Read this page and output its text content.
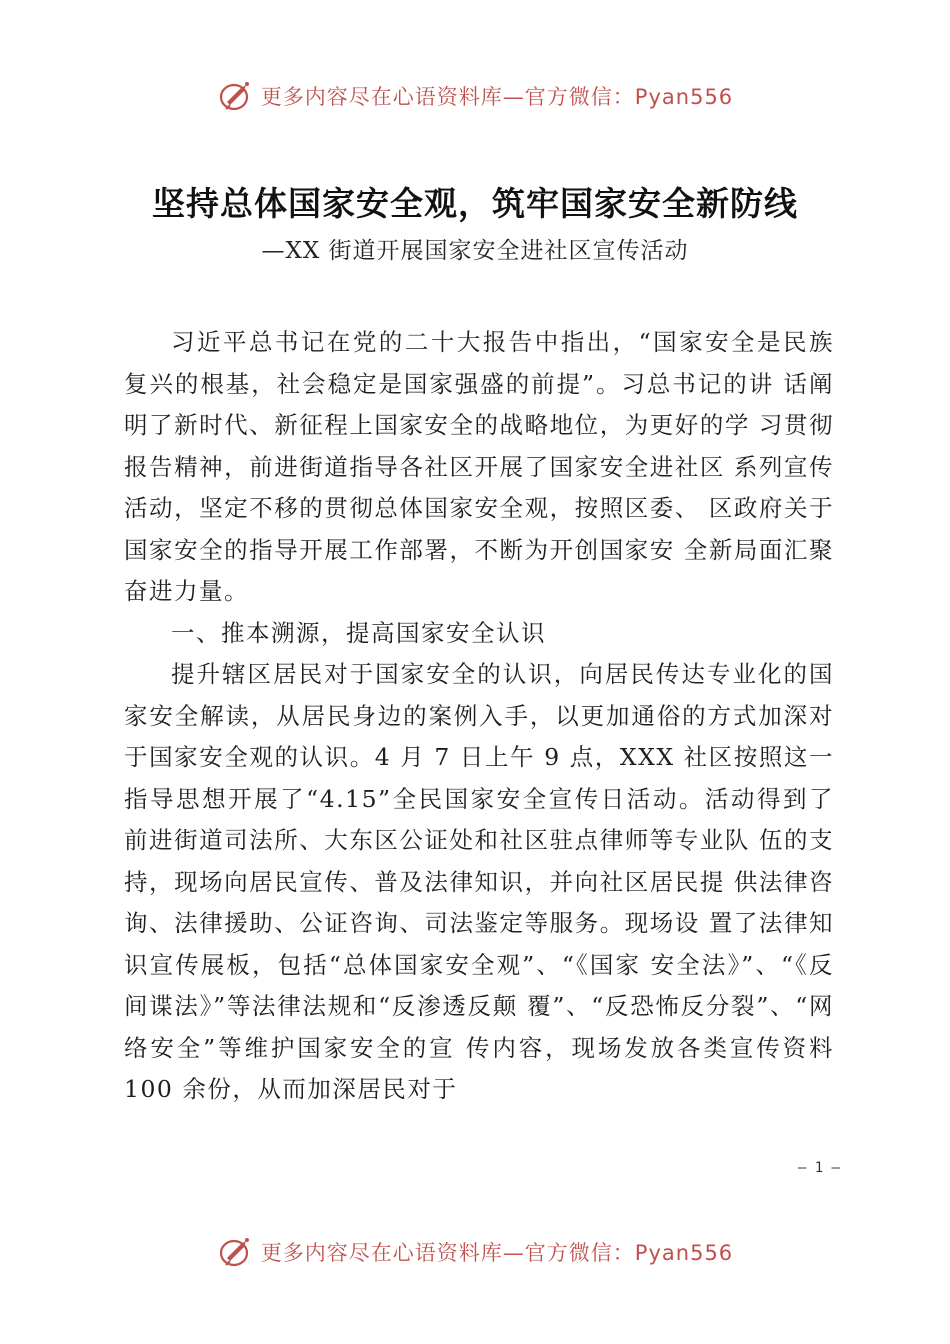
更多内容尽在心语资料库—官方微信：Pyan556
坚持总体国家安全观，筑牢国家安全新防线
—XX 街道开展国家安全进社区宣传活动

习近平总书记在党的二十大报告中指出，“国家安全是民族复兴的根基，社会稳定是国家强盛的前提”。习总书记的讲 话阐明了新时代、新征程上国家安全的战略地位，为更好的学 习贯彻报告精神，前进街道指导各社区开展了国家安全进社区 系列宣传活动，坚定不移的贯彻总体国家安全观，按照区委、 区政府关于国家安全的指导开展工作部署，不断为开创国家安 全新局面汇聚奋进力量。

一、推本溯源，提高国家安全认识

提升辖区居民对于国家安全的认识，向居民传达专业化的国家安全解读，从居民身边的案例入手，以更加通俗的方式加深对于国家安全观的认识。4 月 7 日上午 9 点，XXX 社区按照这一指导思想开展了“4.15”全民国家安全宣传日活动。活动得到了前进街道司法所、大东区公证处和社区驻点律师等专业队 伍的支持，现场向居民宣传、普及法律知识，并向社区居民提 供法律咨询、法律援助、公证咨询、司法鉴定等服务。现场设 置了法律知识宣传展板，包括“总体国家安全观”、“《国家 安全法》”、“《反间谍法》”等法律法规和“反渗透反颠 覆”、“反恐怖反分裂”、“网络安全”等维护国家安全的宣 传内容，现场发放各类宣传资料 100 余份，从而加深居民对于

– 1 –
更多内容尽在心语资料库—官方微信：Pyan556
